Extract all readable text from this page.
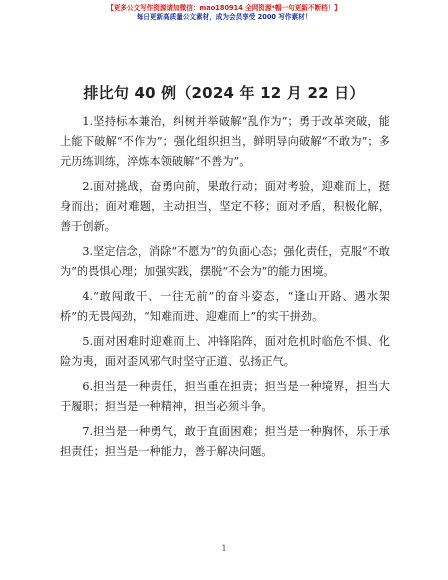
【更多公文写作资源请加微信：mao180914 全网资源*帽一句更新不断档！】
每日更新高质量公文素材，成为会员享受 2000 写作素材！
排比句 40 例（2024 年 12 月 22 日）

1.坚持标本兼治，纠树并举破解“乱作为”；勇于改革突破，能上能下破解“不作为”；强化组织担当，鲜明导向破解“不敢为”；多元历练训练，淬炼本领破解“不善为”。

2.面对挑战，奋勇向前，果敢行动；面对考验，迎难而上，挺身而出；面对难题，主动担当，坚定不移；面对矛盾，积极化解，善于创新。

3.坚定信念，消除“不愿为”的负面心态；强化责任，克服“不敢为”的畏惧心理；加强实践，摆脱“不会为”的能力困境。

4.“敢闯敢干、一往无前”的奋斗姿态，“逢山开路、遇水架桥”的无畏闯劲，“知难而进、迎难而上”的实干拼劲。

5.面对困难时迎难而上、冲锋陷阵，面对危机时临危不惧、化险为夷，面对歪风邪气时坚守正道、弘扬正气。

6.担当是一种责任，担当重在担责；担当是一种境界，担当大于履职；担当是一种精神，担当必须斗争。

7.担当是一种勇气，敢于直面困难；担当是一种胸怀，乐于承担责任；担当是一种能力，善于解决问题。

1
